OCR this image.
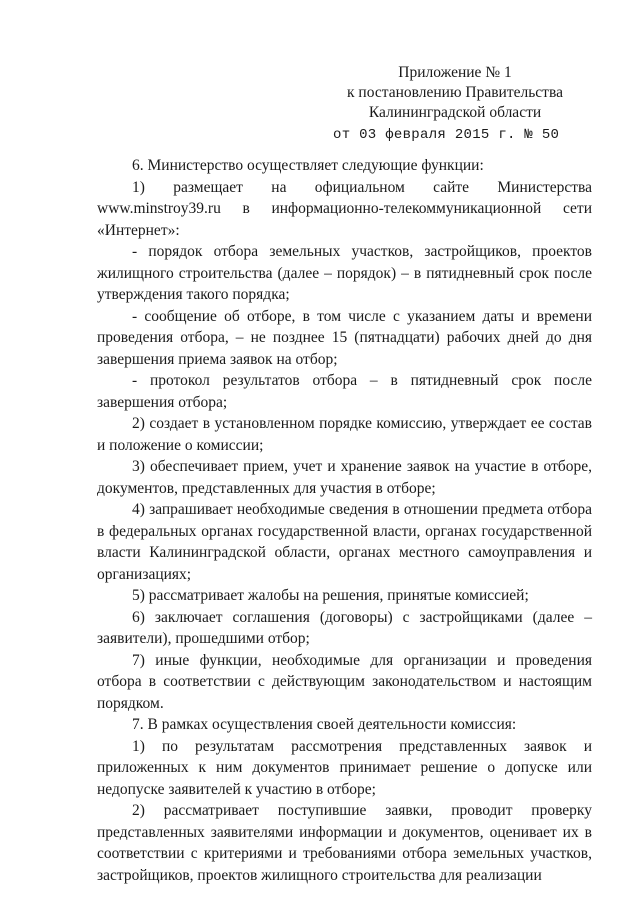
Приложение № 1
к постановлению Правительства
Калининградской области
от 03 февраля 2015 г. № 50

6. Министерство осуществляет следующие функции:

1) размещает на официальном сайте Министерства www.minstroy39.ru в информационно-телекоммуникационной сети «Интернет»:

- порядок отбора земельных участков, застройщиков, проектов жилищного строительства (далее – порядок) – в пятидневный срок после утверждения такого порядка;

- сообщение об отборе, в том числе с указанием даты и времени проведения отбора, – не позднее 15 (пятнадцати) рабочих дней до дня завершения приема заявок на отбор;

- протокол результатов отбора – в пятидневный срок после завершения отбора;

2) создает в установленном порядке комиссию, утверждает ее состав и положение о комиссии;

3) обеспечивает прием, учет и хранение заявок на участие в отборе, документов, представленных для участия в отборе;

4) запрашивает необходимые сведения в отношении предмета отбора в федеральных органах государственной власти, органах государственной власти Калининградской области, органах местного самоуправления и организациях;

5) рассматривает жалобы на решения, принятые комиссией;

6) заключает соглашения (договоры) с застройщиками (далее – заявители), прошедшими отбор;

7) иные функции, необходимые для организации и проведения отбора в соответствии с действующим законодательством и настоящим порядком.

7. В рамках осуществления своей деятельности комиссия:

1) по результатам рассмотрения представленных заявок и приложенных к ним документов принимает решение о допуске или недопуске заявителей к участию в отборе;

2) рассматривает поступившие заявки, проводит проверку представленных заявителями информации и документов, оценивает их в соответствии с критериями и требованиями отбора земельных участков, застройщиков, проектов жилищного строительства для реализации
